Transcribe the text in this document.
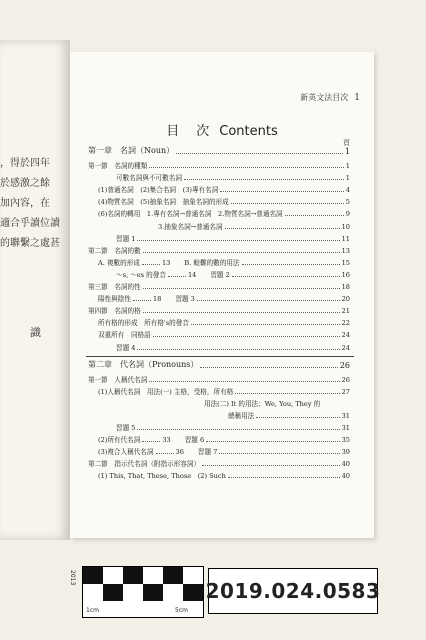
，得於四年
於感激之餘
加內容，在
適合乎讀位讀
的聯繫之處甚
識
新英文法目次 1
目　次 Contents
頁
第一章　名詞（Noun）	1
第一節　名詞的種類	1
可數名詞與不可數名詞	1
(1)普通名詞　(2)集合名詞　(3)專有名詞	4
(4)物質名詞　(5)抽象名詞　抽象名詞的形成	5
(6)名詞的轉用　1.專有名詞→普通名詞　2.物質名詞→普通名詞	9
3.抽象名詞→普通名詞	10
習題 1	11
第二節　名詞的數	13
A. 複數的形成	13 B. 較難的數的用法	15
～s, ～es 的發音	14 習題 2	16
第三節　名詞的性	18
陽性與陰性	18 習題 3	20
第四節　名詞的格	21
所有格的形成　所有格's的發音	22
双重所有　同格語	24
習題 4	24
第二章　代名詞（Pronouns）	26
第一節　人稱代名詞	26
(1)人稱代名詞　用法(一) 主格，受格，所有格	27
用法(二) It 的用法；We, You, They 的
總稱用法	31
習題 5	31
(2)所有代名詞	33 習題 6	35
(3)複合人稱代名詞	36 習題 7	39
第二節　指示代名詞（附指示形容詞）	40
(1) This, That, These, Those　(2) Such	40
1cm	5cm
2013
2019.024.0583
